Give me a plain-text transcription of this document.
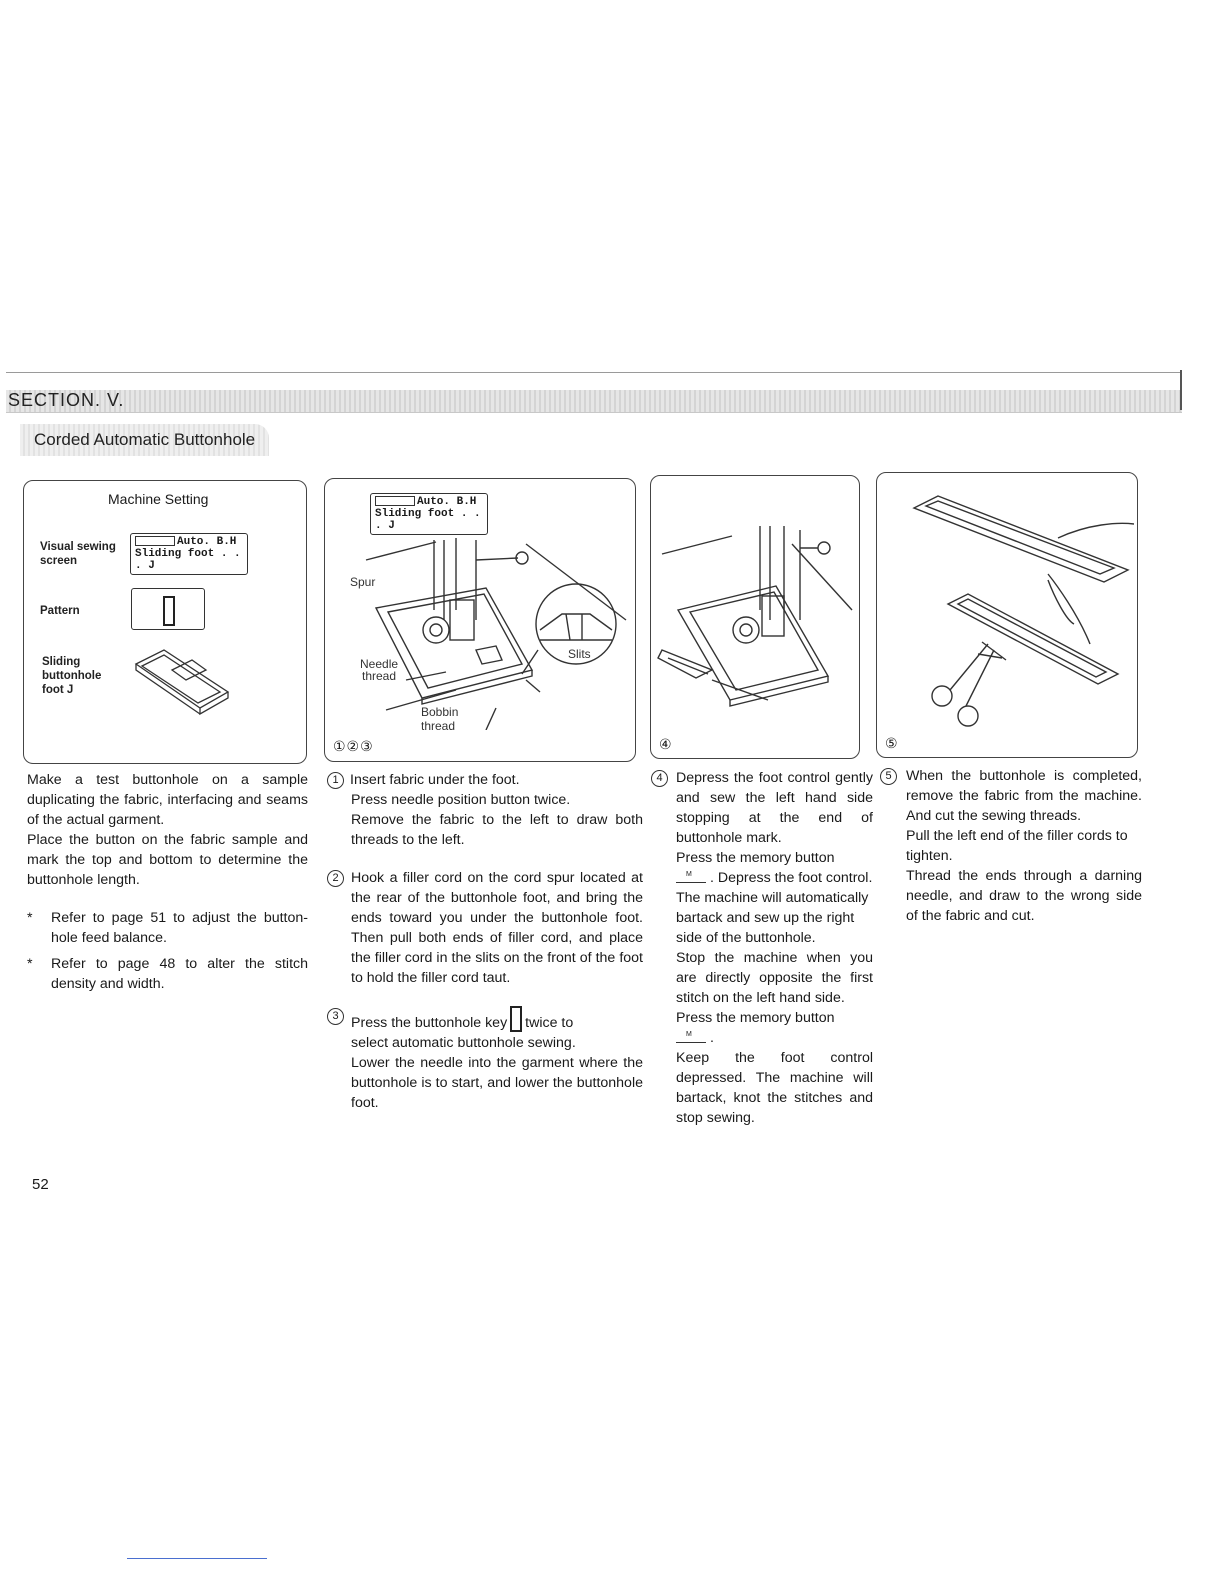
SECTION. V.
Corded Automatic Buttonhole
Machine Setting
Visual sewing
screen
Auto. B.H
Sliding foot . . . J
Pattern
Sliding
buttonhole
foot J
Auto. B.H
Sliding foot . . . J
Spur
Needle
thread
Bobbin
thread
Slits
①②③	④	⑤

Make a test buttonhole on a sample duplicating the fabric, interfacing and seams of the actual garment.

Place the button on the fabric sample and mark the top and bottom to determine the buttonhole length.

* Refer to page 51 to adjust the button-hole feed balance.

* Refer to page 48 to alter the stitch density and width.

1 Insert fabric under the foot.

Press needle position button twice.

Remove the fabric to the left to draw both threads to the left.

2 Hook a filler cord on the cord spur located at the rear of the buttonhole foot, and bring the ends toward you under the buttonhole foot. Then pull both ends of filler cord, and place the filler cord in the slits on the front of the foot to hold the filler cord taut.

3 Press the buttonhole key twice to

select automatic buttonhole sewing.

Lower the needle into the garment where the buttonhole is to start, and lower the buttonhole foot.

4 Depress the foot control gently and sew the left hand side stopping at the end of buttonhole mark.

Press the memory button

M . Depress the foot control. The machine will automatically bartack and sew up the right side of the buttonhole.

Stop the machine when you are directly opposite the first stitch on the left hand side.

Press the memory button

M .

Keep the foot control depressed. The machine will bartack, knot the stitches and stop sewing.

5	When the buttonhole is completed, remove the fabric from the machine. And cut the sewing threads.

Pull the left end of the filler cords to tighten.

Thread the ends through a darning needle, and draw to the wrong side of the fabric and cut.

52
